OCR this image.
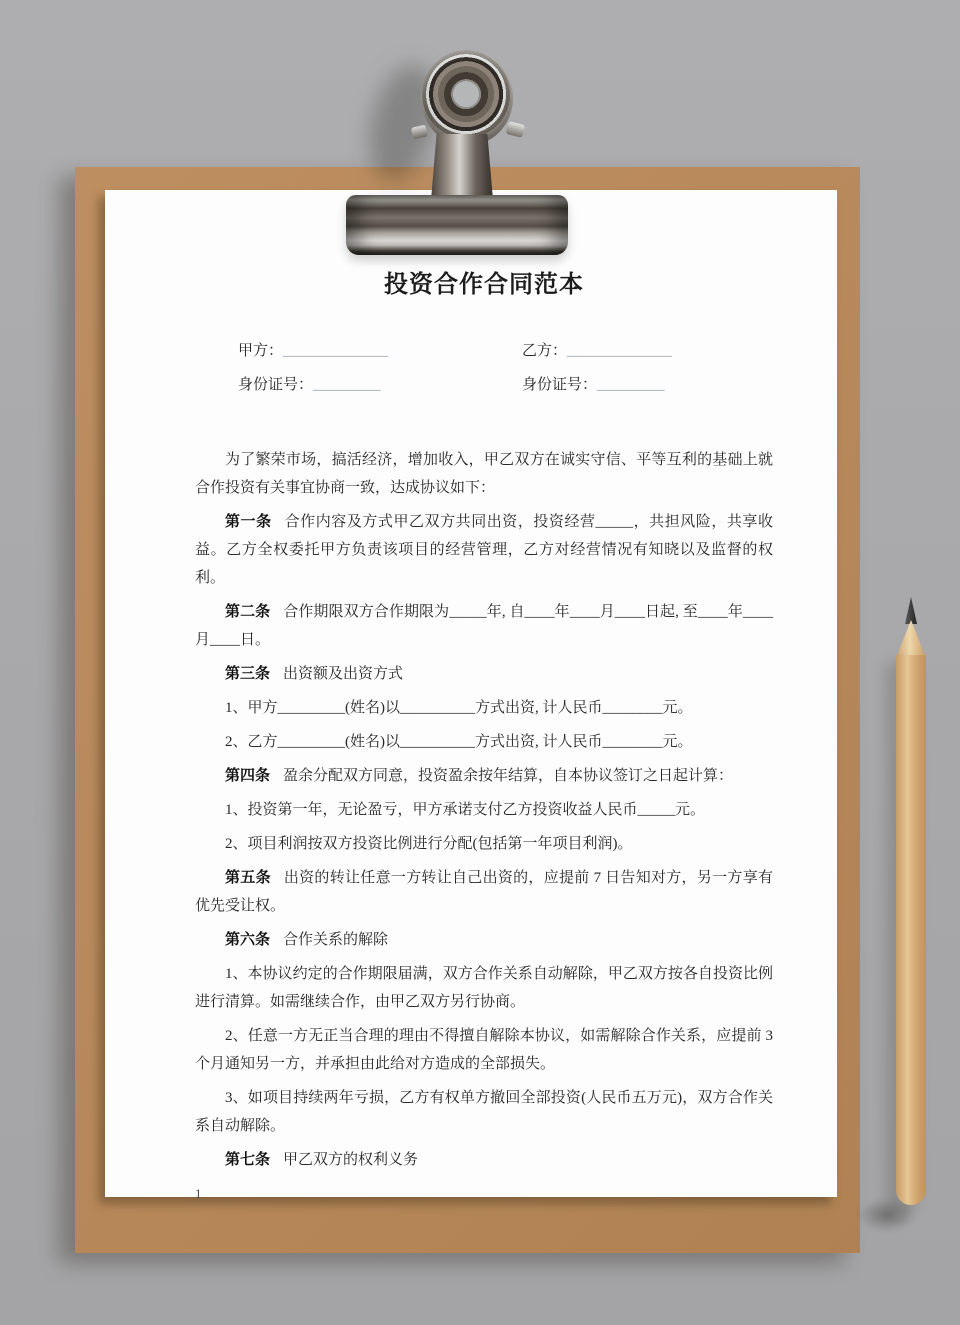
投资合作合同范本
甲方：______________	乙方：______________
身份证号：_________	身份证号：_________

为了繁荣市场，搞活经济，增加收入，甲乙双方在诚实守信、平等互利的基础上就合作投资有关事宜协商一致，达成协议如下：

第一条 合作内容及方式甲乙双方共同出资，投资经营_____，共担风险，共享收益。乙方全权委托甲方负责该项目的经营管理，乙方对经营情况有知晓以及监督的权利。

第二条 合作期限双方合作期限为_____年, 自____年____月____日起, 至____年____月____日。

第三条 出资额及出资方式

1、甲方_________(姓名)以__________方式出资, 计人民币________元。

2、乙方_________(姓名)以__________方式出资, 计人民币________元。

第四条 盈余分配双方同意，投资盈余按年结算，自本协议签订之日起计算：

1、投资第一年，无论盈亏，甲方承诺支付乙方投资收益人民币_____元。

2、项目利润按双方投资比例进行分配(包括第一年项目利润)。

第五条 出资的转让任意一方转让自己出资的，应提前 7 日告知对方，另一方享有优先受让权。

第六条 合作关系的解除

1、本协议约定的合作期限届满，双方合作关系自动解除，甲乙双方按各自投资比例进行清算。如需继续合作，由甲乙双方另行协商。

2、任意一方无正当合理的理由不得擅自解除本协议，如需解除合作关系，应提前 3 个月通知另一方，并承担由此给对方造成的全部损失。

3、如项目持续两年亏损，乙方有权单方撤回全部投资(人民币五万元)，双方合作关系自动解除。

第七条 甲乙双方的权利义务

1
